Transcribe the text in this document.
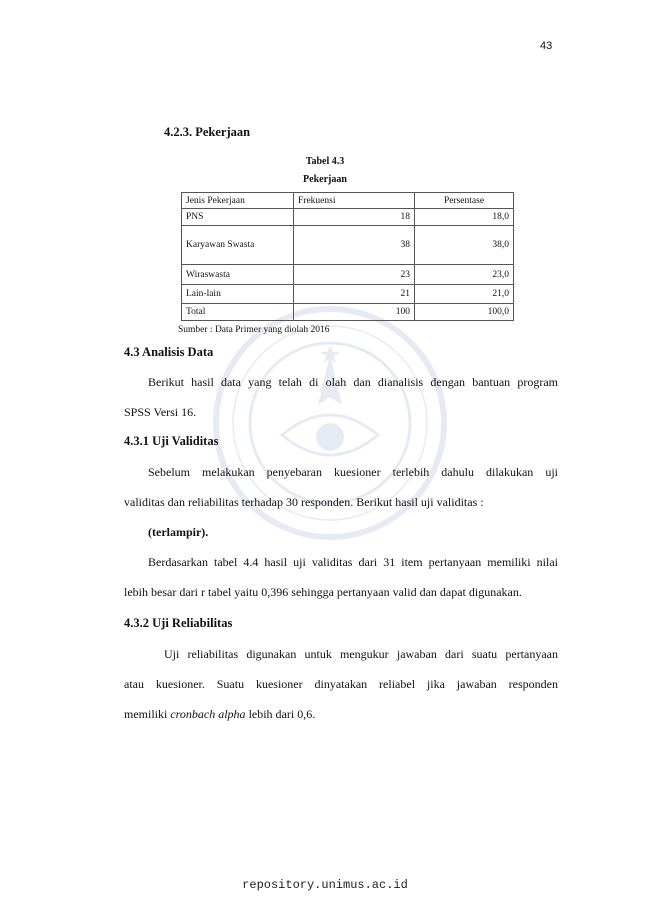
43
4.2.3. Pekerjaan
Tabel 4.3
Pekerjaan
Jenis Pekerjaan	Frekuensi	Persentase
PNS	18	18,0
Karyawan Swasta	38	38,0
Wiraswasta	23	23,0
Lain-lain	21	21,0
Total	100	100,0
Sumber : Data Primer yang diolah 2016
4.3 Analisis Data
Berikut hasil data yang telah di olah dan dianalisis dengan bantuan program
SPSS Versi 16.
4.3.1 Uji Validitas
Sebelum melakukan penyebaran kuesioner terlebih dahulu dilakukan uji
validitas dan reliabilitas terhadap 30 responden. Berikut hasil uji validitas :
(terlampir).
Berdasarkan tabel 4.4 hasil uji validitas dari 31 item pertanyaan memiliki nilai
lebih besar dari r tabel yaitu 0,396 sehingga pertanyaan valid dan dapat digunakan.
4.3.2 Uji Reliabilitas
Uji reliabilitas digunakan untuk mengukur jawaban dari suatu pertanyaan
atau kuesioner. Suatu kuesioner dinyatakan reliabel jika jawaban responden
memiliki cronbach alpha lebih dari 0,6.
repository.unimus.ac.id
